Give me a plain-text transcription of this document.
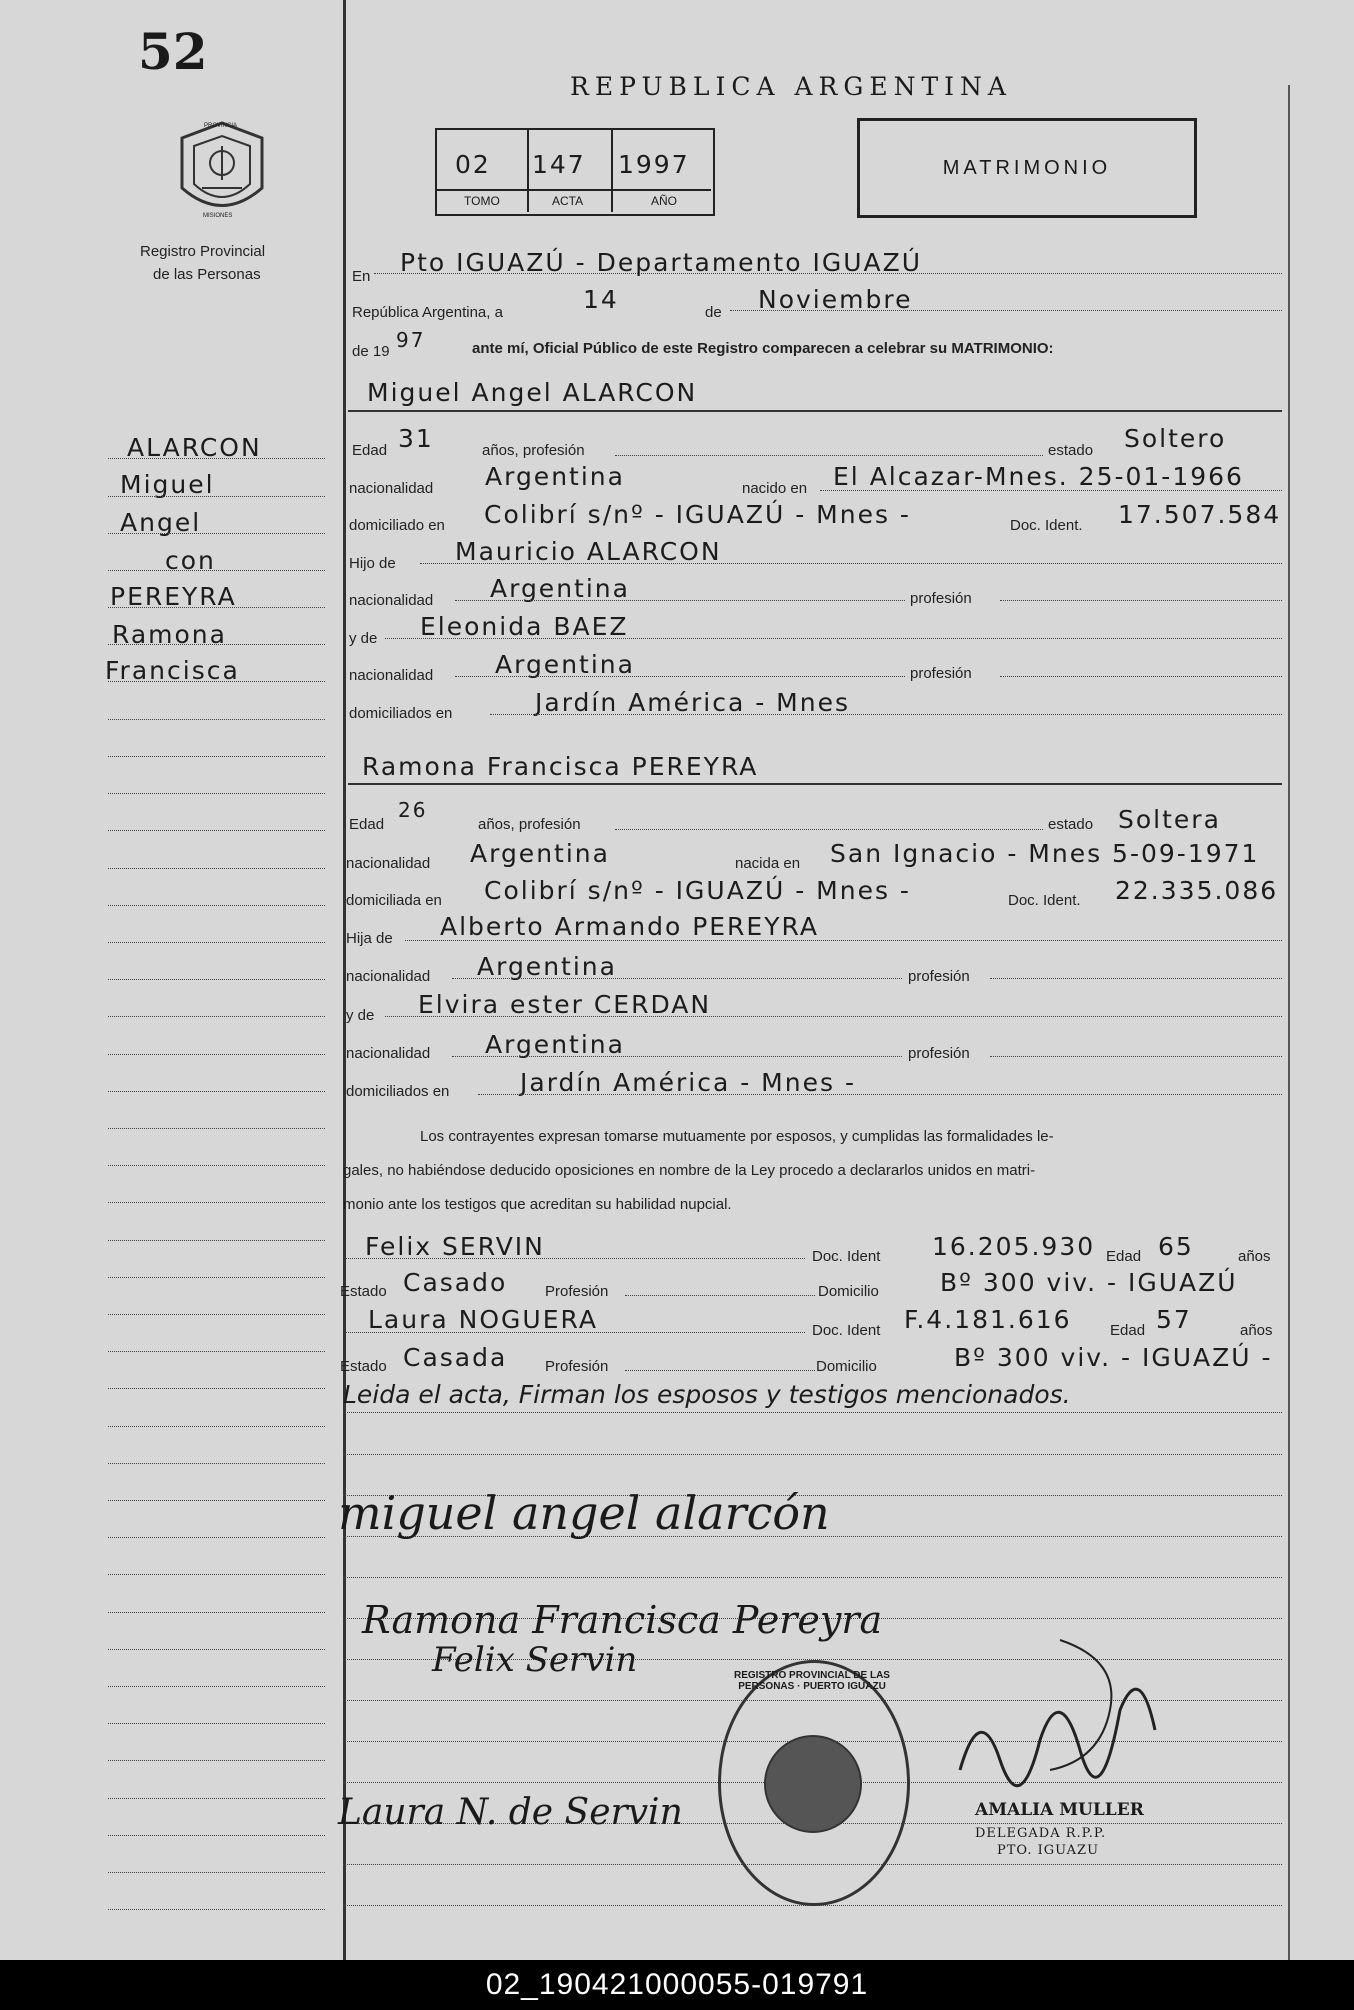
52
PROVINCIA
MISIONES
Registro Provincial
de las Personas
ALARCON
Miguel
Angel
con
PEREYRA
Ramona
Francisca
REPUBLICA ARGENTINA
02 147 1997
TOMO	ACTA	AÑO
MATRIMONIO
En Pto IGUAZÚ - Departamento IGUAZÚ
República Argentina, a	14	de Noviembre
de 19 97	ante mí, Oficial Público de este Registro comparecen a celebrar su MATRIMONIO:
Miguel Angel ALARCON
Edad 31	años, profesión	estado Soltero
nacionalidad Argentina	nacido en El Alcazar-Mnes. 25-01-1966
domiciliado en Colibrí s/nº - IGUAZÚ - Mnes -	Doc. Ident. 17.507.584
Hijo de Mauricio ALARCON
nacionalidad Argentina	profesión
y de Eleonida BAEZ
nacionalidad Argentina	profesión
domiciliados en	Jardín América - Mnes
Ramona Francisca PEREYRA
Edad
26
años, profesión	estado Soltera
nacionalidad Argentina	nacida en San Ignacio - Mnes 5-09-1971
domiciliada en Colibrí s/nº - IGUAZÚ - Mnes -	Doc. Ident. 22.335.086
Hija de Alberto Armando PEREYRA
nacionalidad Argentina	profesión
y de Elvira ester CERDAN
nacionalidad Argentina	profesión
domiciliados en	Jardín América - Mnes -
Los contrayentes expresan tomarse mutuamente por esposos, y cumplidas las formalidades le-
gales, no habiéndose deducido oposiciones en nombre de la Ley procedo a declararlos unidos en matri-
monio ante los testigos que acreditan su habilidad nupcial.
Felix SERVIN	Doc. Ident 16.205.930 Edad 65	años
Estado Casado	Profesión	Domicilio Bº 300 viv. - IGUAZÚ
Laura NOGUERA	Doc. Ident F.4.181.616	Edad 57	años
Estado Casada	Profesión	Domicilio	Bº 300 viv. - IGUAZÚ -
Leida el acta, Firman los esposos y testigos mencionados.
miguel angel alarcón
Ramona Francisca Pereyra
Felix Servin
Laura N. de Servin
REGISTRO PROVINCIAL DE LAS PERSONAS · PUERTO IGUAZU
AMALIA MULLER
DELEGADA R.P.P.
PTO. IGUAZU
02_190421000055-019791
